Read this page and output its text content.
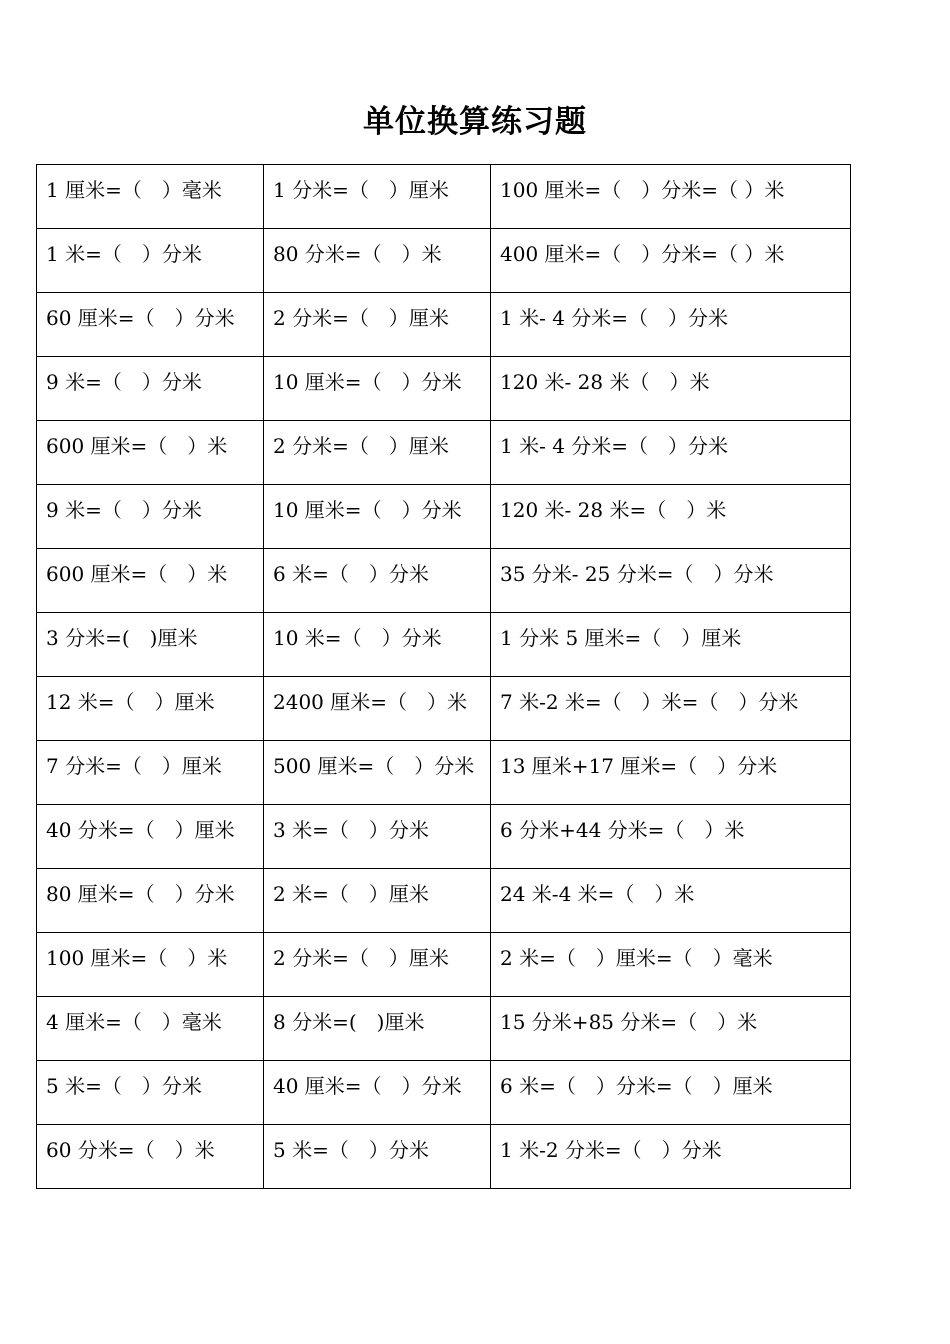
单位换算练习题
1 厘米=（　）毫米	1 分米=（　）厘米	100 厘米=（　）分米=（ ）米
1 米=（　）分米	80 分米=（　）米	400 厘米=（　）分米=（ ）米
60 厘米=（　）分米	2 分米=（　）厘米	1 米- 4 分米=（　）分米
9 米=（　）分米	10 厘米=（　）分米	120 米- 28 米（　）米
600 厘米=（　）米	2 分米=（　）厘米	1 米- 4 分米=（　）分米
9 米=（　）分米	10 厘米=（　）分米	120 米- 28 米=（　）米
600 厘米=（　）米	6 米=（　）分米	35 分米- 25 分米=（　）分米
3 分米=(　)厘米	10 米=（　）分米	1 分米 5 厘米=（　）厘米
12 米=（　）厘米	2400 厘米=（　）米	7 米-2 米=（　）米=（　）分米
7 分米=（　）厘米	500 厘米=（　）分米	13 厘米+17 厘米=（　）分米
40 分米=（　）厘米	3 米=（　）分米	6 分米+44 分米=（　）米
80 厘米=（　）分米	2 米=（　）厘米	24 米-4 米=（　）米
100 厘米=（　）米	2 分米=（　）厘米	2 米=（　）厘米=（　）毫米
4 厘米=（　）毫米	8 分米=(　)厘米	15 分米+85 分米=（　）米
5 米=（　）分米	40 厘米=（　）分米	6 米=（　）分米=（　）厘米
60 分米=（　）米	5 米=（　）分米	1 米-2 分米=（　）分米
